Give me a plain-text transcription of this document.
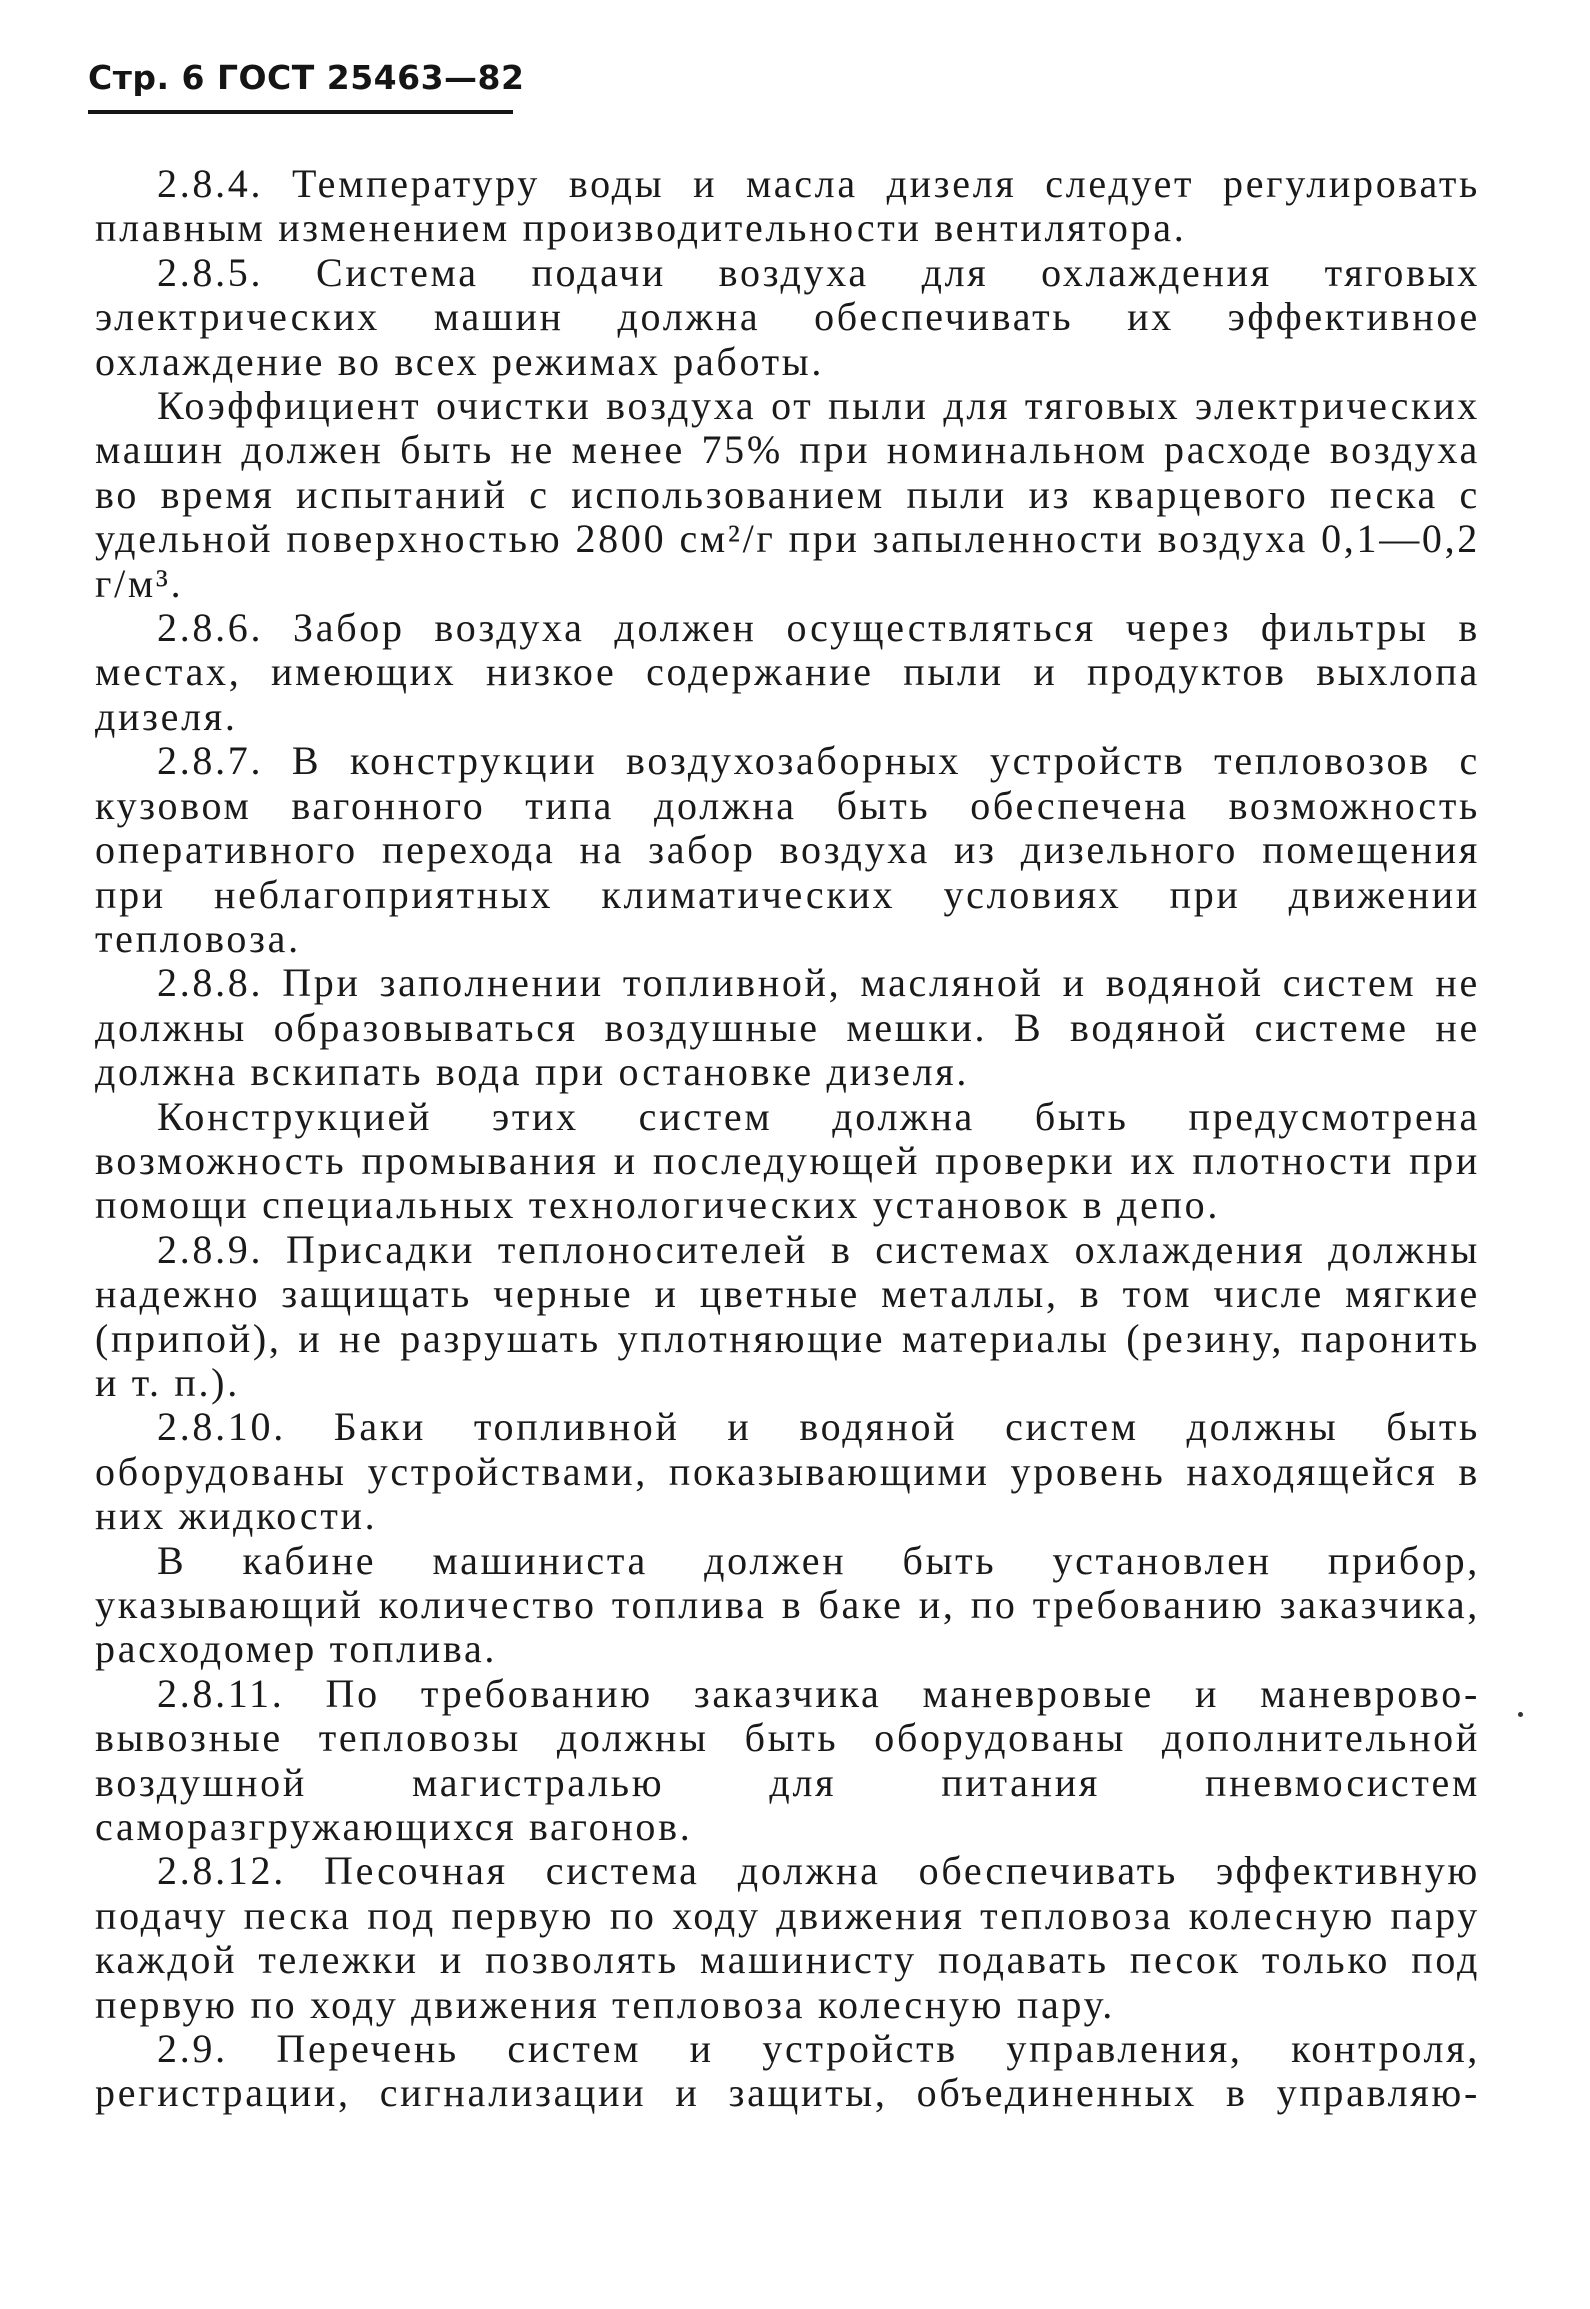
Стр. 6 ГОСТ 25463—82

2.8.4. Температуру воды и масла дизеля следует регулировать плавным изменением производительности вентилятора.

2.8.5. Система подачи воздуха для охлаждения тяговых электрических машин должна обеспечивать их эффективное охлаждение во всех режимах работы.

Коэффициент очистки воздуха от пыли для тяговых электрических машин должен быть не менее 75% при номинальном расходе воздуха во время испытаний с использованием пыли из кварцевого песка с удельной поверхностью 2800 см²/г при запыленности воздуха 0,1—0,2 г/м³.

2.8.6. Забор воздуха должен осуществляться через фильтры в местах, имеющих низкое содержание пыли и продуктов выхлопа дизеля.

2.8.7. В конструкции воздухозаборных устройств тепловозов с кузовом вагонного типа должна быть обеспечена возможность оперативного перехода на забор воздуха из дизельного помещения при неблагоприятных климатических условиях при движении тепловоза.

2.8.8. При заполнении топливной, масляной и водяной систем не должны образовываться воздушные мешки. В водяной системе не должна вскипать вода при остановке дизеля.

Конструкцией этих систем должна быть предусмотрена возможность промывания и последующей проверки их плотности при помощи специальных технологических установок в депо.

2.8.9. Присадки теплоносителей в системах охлаждения должны надежно защищать черные и цветные металлы, в том числе мягкие (припой), и не разрушать уплотняющие материалы (резину, паронить и т. п.).

2.8.10. Баки топливной и водяной систем должны быть оборудованы устройствами, показывающими уровень находящейся в них жидкости.

В кабине машиниста должен быть установлен прибор, указывающий количество топлива в баке и, по требованию заказчика, расходомер топлива.

2.8.11. По требованию заказчика маневровые и маневрово-вывозные тепловозы должны быть оборудованы дополнительной воздушной магистралью для питания пневмосистем саморазгружающихся вагонов.

2.8.12. Песочная система должна обеспечивать эффективную подачу песка под первую по ходу движения тепловоза колесную пару каждой тележки и позволять машинисту подавать песок только под первую по ходу движения тепловоза колесную пару.

2.9. Перечень систем и устройств управления, контроля, регистрации, сигнализации и защиты, объединенных в управляю-
